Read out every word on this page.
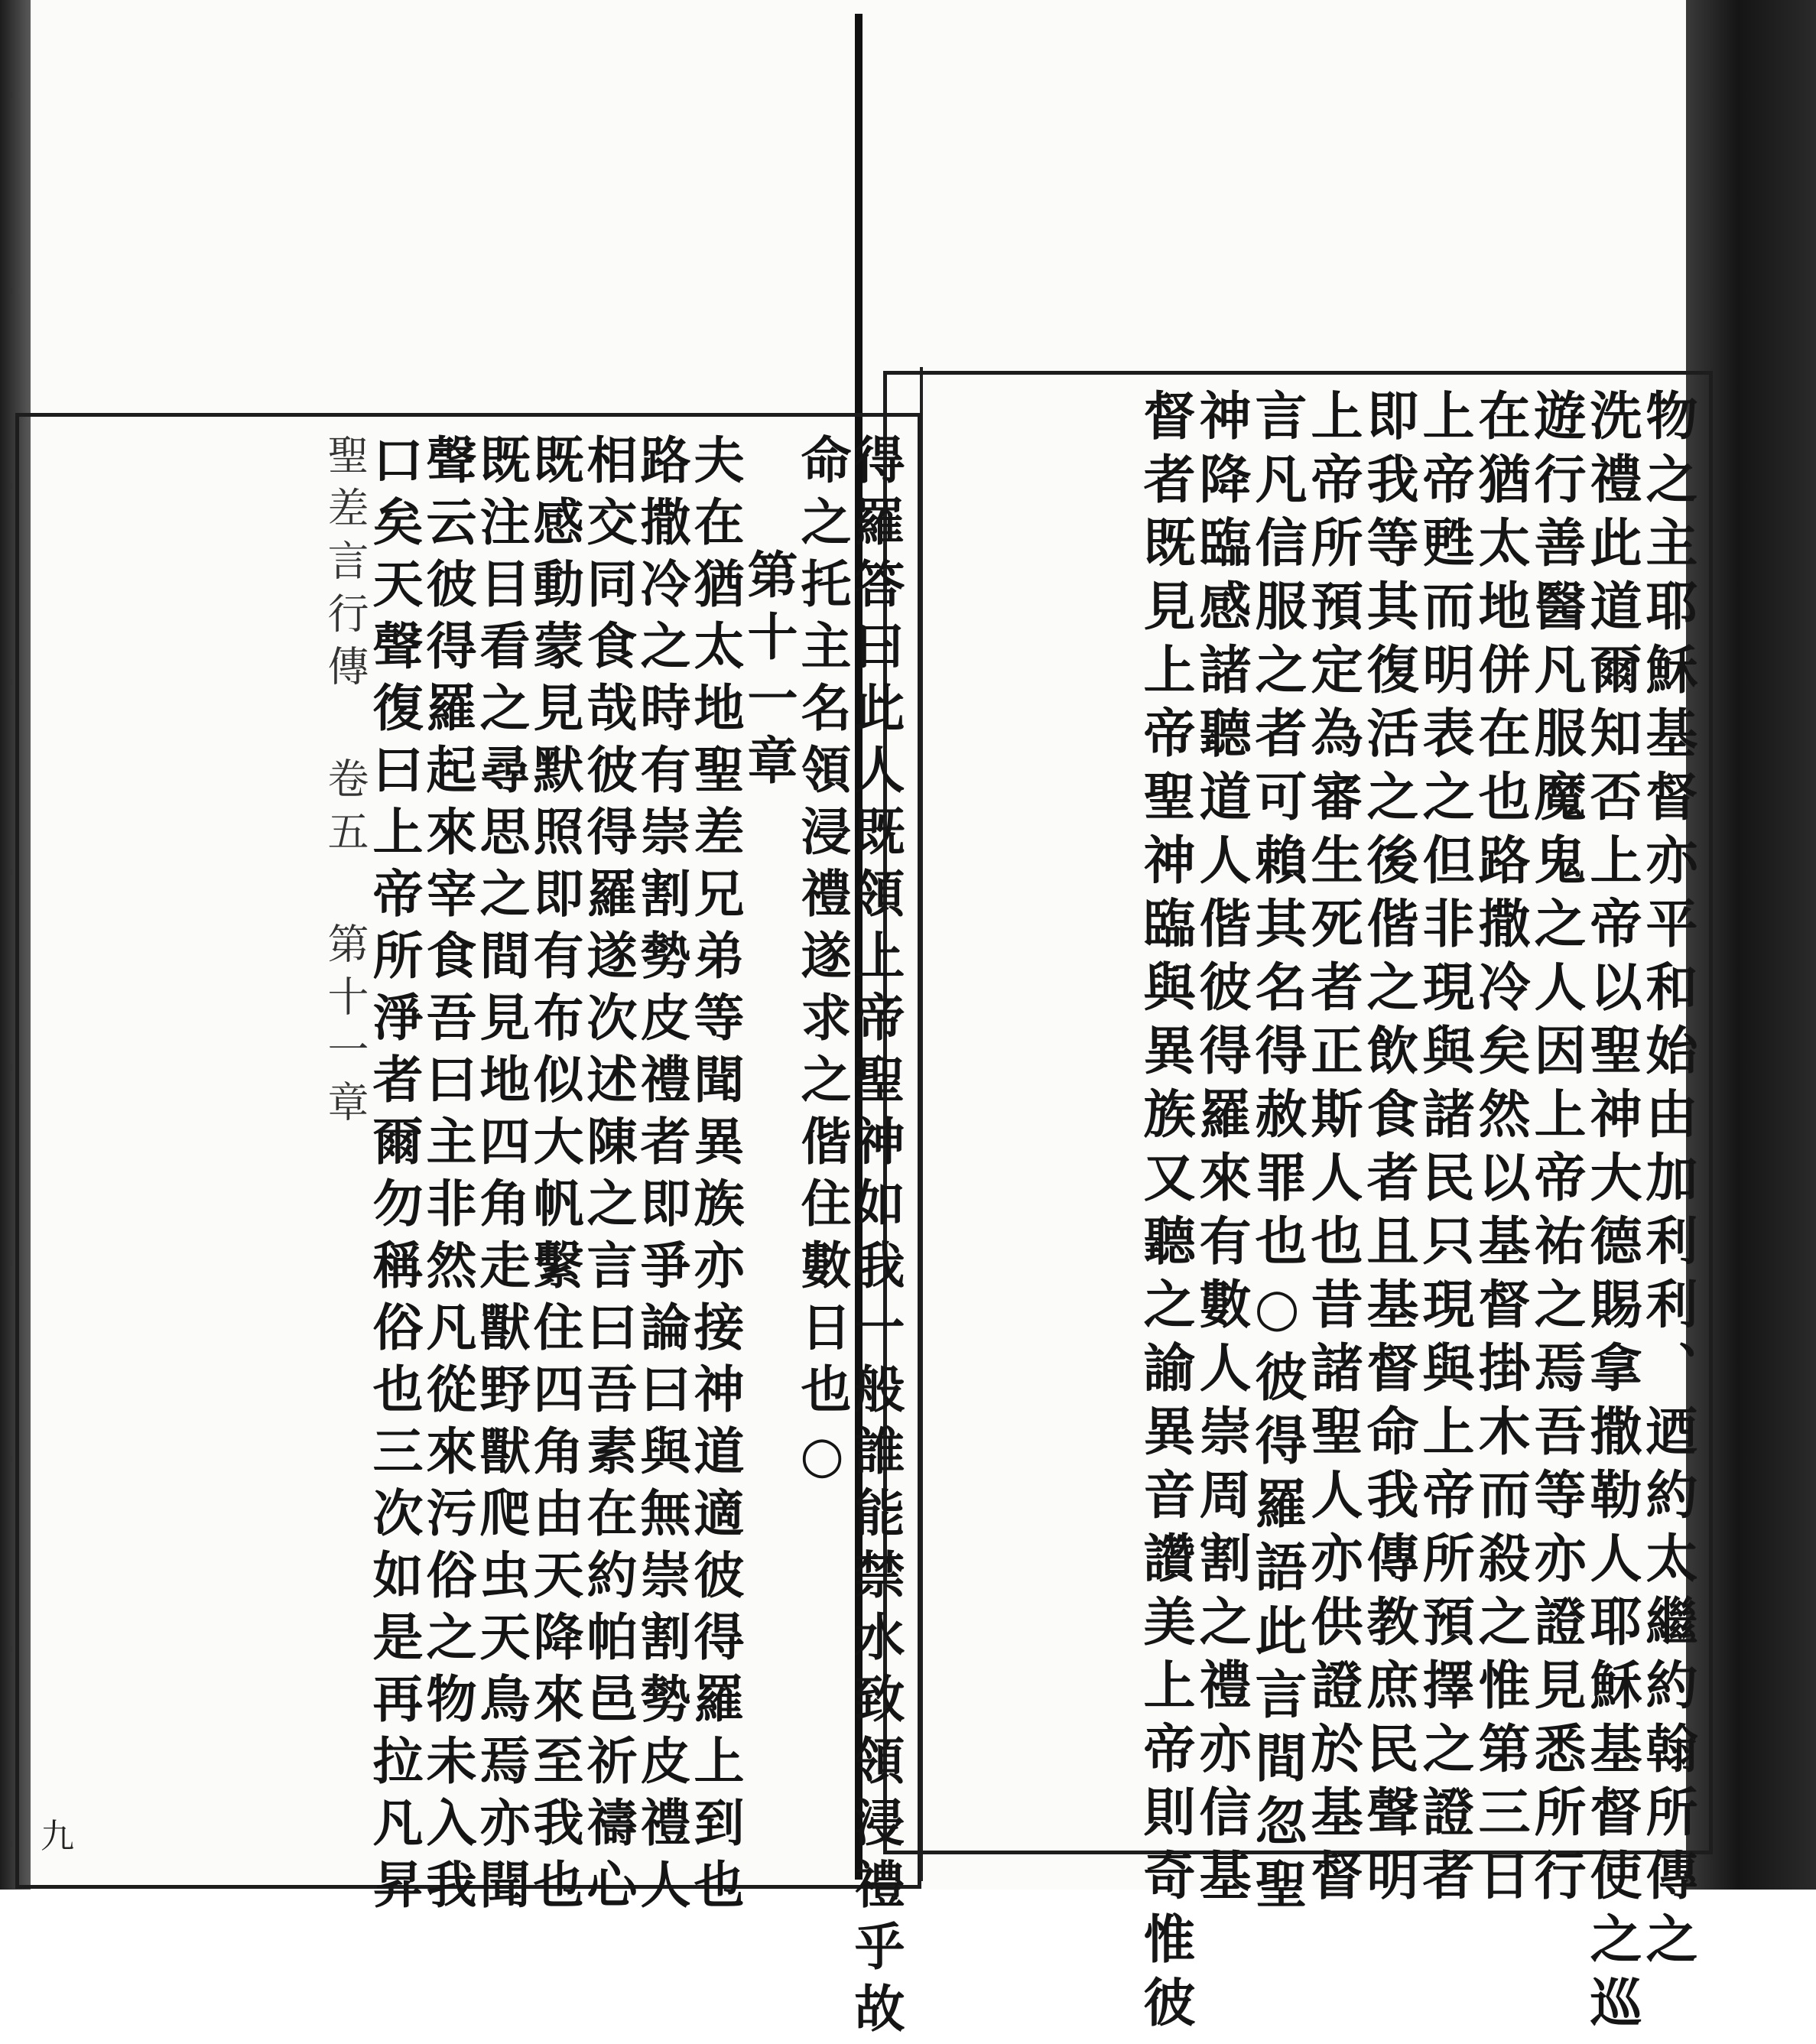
物之主耶穌基督亦平和始由加利利、迺約太繼約翰所傳之
洗禮此道爾知否上帝以聖神大德賜拿撒勒人耶穌基督使之巡
遊行善醫凡服魔鬼之人因上帝祐之焉吾等亦證見悉所行
在猶太地併在也路撒冷矣然以基督掛木而殺之惟第三日
上帝甦而明表之但非現與諸民只現與上帝所預擇之證者
即我等其復活之後偕之飲食者且基督命我傳教庶民聲明
上帝所預定為審生死者正斯人也昔諸聖人亦供證於基督
言凡信服之者可賴其名得赦罪也○彼得羅語此言間忽聖
神降臨感諸聽道人偕彼得羅來有數人崇周割之禮亦信基
督者既見上帝聖神臨與異族又聽之諭異音讚美上帝則奇惟彼
得羅答曰此人既領上帝聖神如我一般誰能禁水致領浸禮乎故
命之托主名領浸禮遂求之偕住數日也○
第十一章
夫在猶太地聖差兄弟等聞異族亦接神道適彼得羅上到也
路撒冷之時有崇割勢皮禮者即爭論曰與無崇割勢皮禮人
相交同食哉彼得羅遂次述陳之言曰吾素在約帕邑祈禱心
既感動蒙見默照即有布似大帆繫住四角由天降來至我也
既注目看之尋思之間見地四角走獸野獸爬虫天鳥焉亦聞
聲云彼得羅起來宰食吾曰主非然凡從來污俗之物未入我
口矣天聲復曰上帝所淨者爾勿稱俗也三次如是再拉凡昇
聖差言行傳 卷五 第十一章
九
